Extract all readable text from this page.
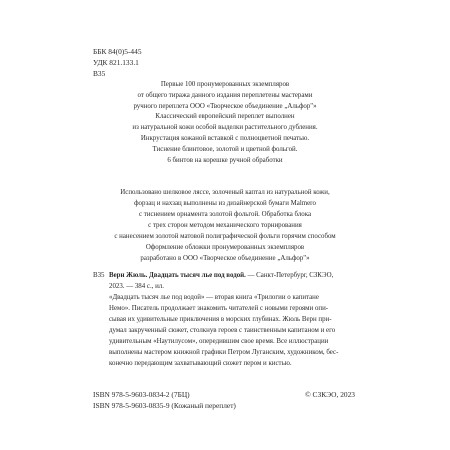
ББК 84(0)5-445
УДК 821.133.1
В35
Первые 100 пронумерованных экземпляров
от общего тиража данного издания переплетены мастерами
ручного переплета ООО «Творческое объединение „Альфор"»
Классический европейский переплет выполнен
из натуральной кожи особой выделки растительного дубления.
Инкрустация кожаной вставкой с полноцветной печатью.
Тиснение блинтовое, золотой и цветной фольгой.
6 бинтов на корешке ручной обработки
Использовано шелковое ляссе, золоченый каптал из натуральной кожи,
форзац и нахзац выполнены из дизайнерской бумаги Malmero
с тиснением орнамента золотой фольгой. Обработка блока
с трех сторон методом механического торнирования
с нанесением золотой матовой полиграфической фольги горячим способом
Оформление обложки пронумерованных экземпляров
разработано в ООО «Творческое объединение „Альфор"»
В35 Верн Жюль. Двадцать тысяч лье под водой. — Санкт-Петербург, СЗКЭО,
2023. — 384 с., ил.
«Двадцать тысяч лье под водой» — вторая книга «Трилогии о капитане
Немо». Писатель продолжает знакомить читателей с новыми героями опи-
сывая их удивительные приключения в морских глубинах. Жюль Верн при-
думал закрученный сюжет, столкнув героев с таинственным капитаном и его
удивительным «Наутилусом», опередившим свое время. Все иллюстрации
выполнены мастером книжной графики Петром Луганским, художником, бес-
конечно передающим захватывающий сюжет пером и кистью.
ISBN 978-5-9603-0834-2 (7БЦ)
ISBN 978-5-9603-0835-9 (Кожаный переплет)
© СЗКЭО, 2023
